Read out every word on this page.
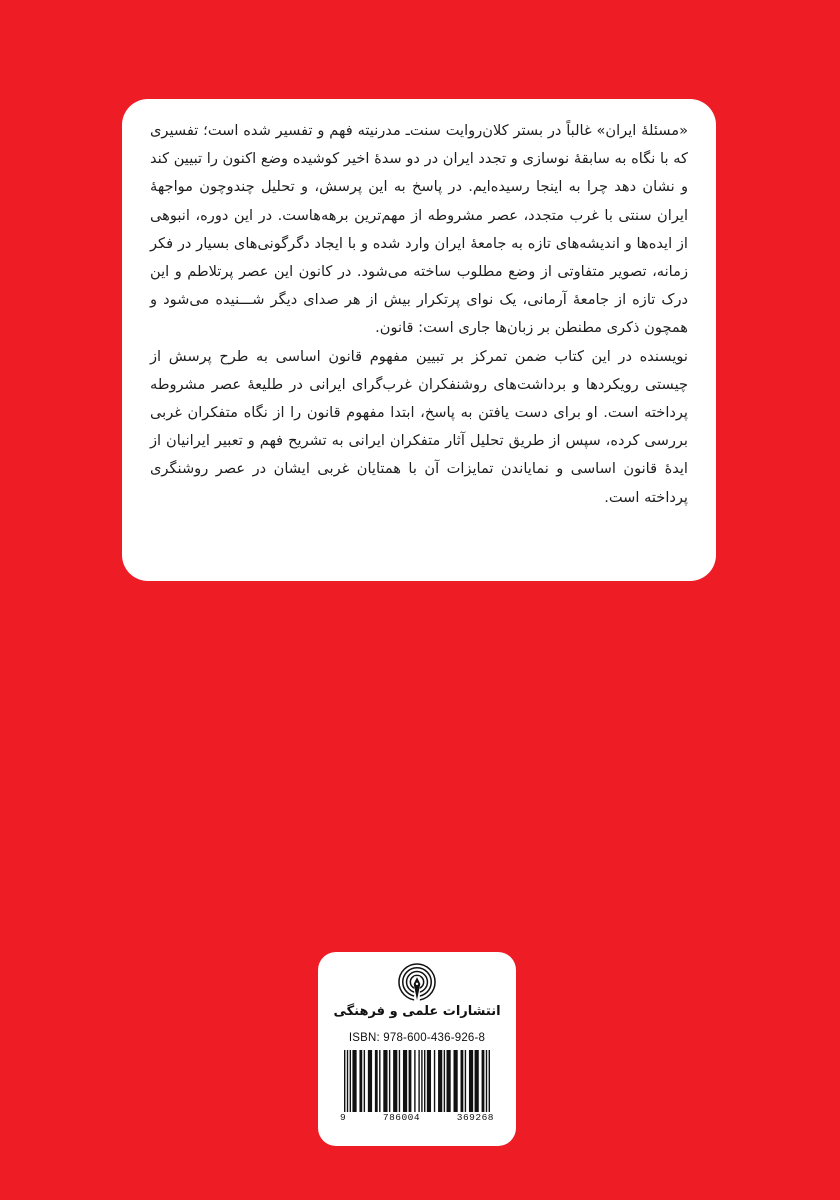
«مسئلهٔ ایران» غالباً در بستر کلان‌روایت سنت‌ـ مدرنیته فهم و تفسیر شده است؛ تفسیری که با نگاه به سابقهٔ نوسازی و تجدد ایران در دو سدهٔ اخیر کوشیده وضع اکنون را تبیین کند و نشان دهد چرا به اینجا رسیده‌ایم. در پاسخ به این پرسش، و تحلیل چندوچون مواجههٔ ایران سنتی با غرب متجدد، عصر مشروطه از مهم‌ترین برهه‌هاست. در این دوره، انبوهی از ایده‌ها و اندیشه‌های تازه به جامعهٔ ایران وارد شده و با ایجاد دگرگونی‌های بسیار در فکر زمانه، تصویر متفاوتی از وضع مطلوب ساخته می‌شود. در کانون این عصر پرتلاطم و این درک تازه از جامعهٔ آرمانی، یک نوای پرتکرار بیش از هر صدای دیگر شـــنیده می‌شود و همچون ذکری مطنطن بر زبان‌ها جاری است: قانون.

نویسنده در این کتاب ضمن تمرکز بر تبیین مفهوم قانون اساسی به طرح پرسش از چیستی رویکردها و برداشت‌های روشنفکران غرب‌گرای ایرانی در طلیعهٔ عصر مشروطه پرداخته است. او برای دست یافتن به پاسخ، ابتدا مفهوم قانون را از نگاه متفکران غربی بررسی کرده، سپس از طریق تحلیل آثار متفکران ایرانی به تشریح فهم و تعبیر ایرانیان از ایدهٔ قانون اساسی و نمایاندن تمایزات آن با همتایان غربی ایشان در عصر روشنگری پرداخته است.

انتشارات علمی و فرهنگی
ISBN: 978-600-436-926-8
9	786004	369268
